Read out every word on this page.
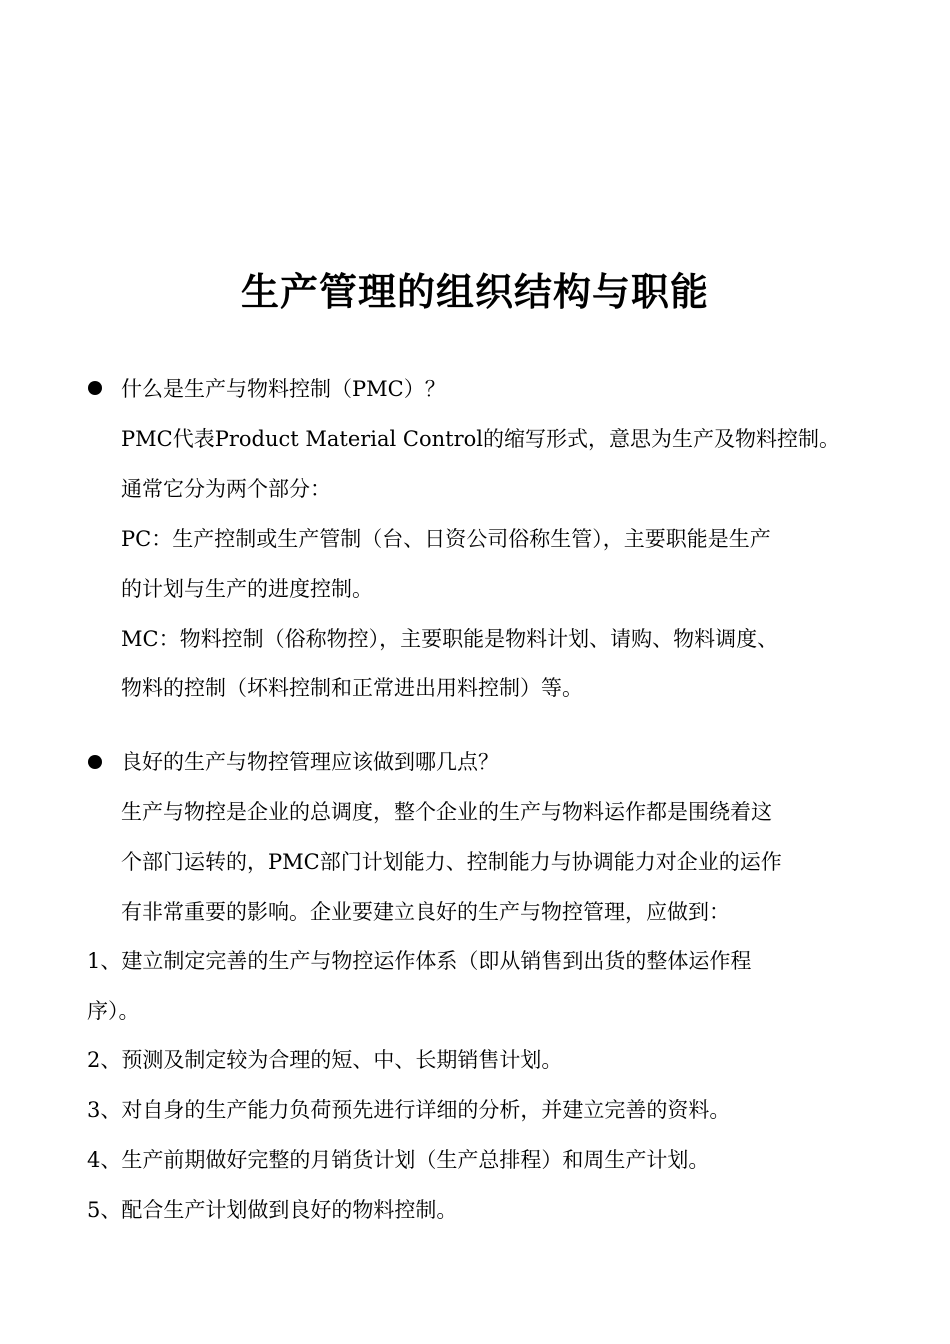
生产管理的组织结构与职能
什么是生产与物料控制（PMC）？
PMC代表Product Material Control的缩写形式，意思为生产及物料控制。
通常它分为两个部分：
PC：生产控制或生产管制（台、日资公司俗称生管），主要职能是生产
的计划与生产的进度控制。
MC：物料控制（俗称物控），主要职能是物料计划、请购、物料调度、
物料的控制（坏料控制和正常进出用料控制）等。
良好的生产与物控管理应该做到哪几点？
生产与物控是企业的总调度，整个企业的生产与物料运作都是围绕着这
个部门运转的，PMC部门计划能力、控制能力与协调能力对企业的运作
有非常重要的影响。企业要建立良好的生产与物控管理，应做到：
1、建立制定完善的生产与物控运作体系（即从销售到出货的整体运作程
序）。
2、预测及制定较为合理的短、中、长期销售计划。
3、对自身的生产能力负荷预先进行详细的分析，并建立完善的资料。
4、生产前期做好完整的月销货计划（生产总排程）和周生产计划。
5、配合生产计划做到良好的物料控制。
